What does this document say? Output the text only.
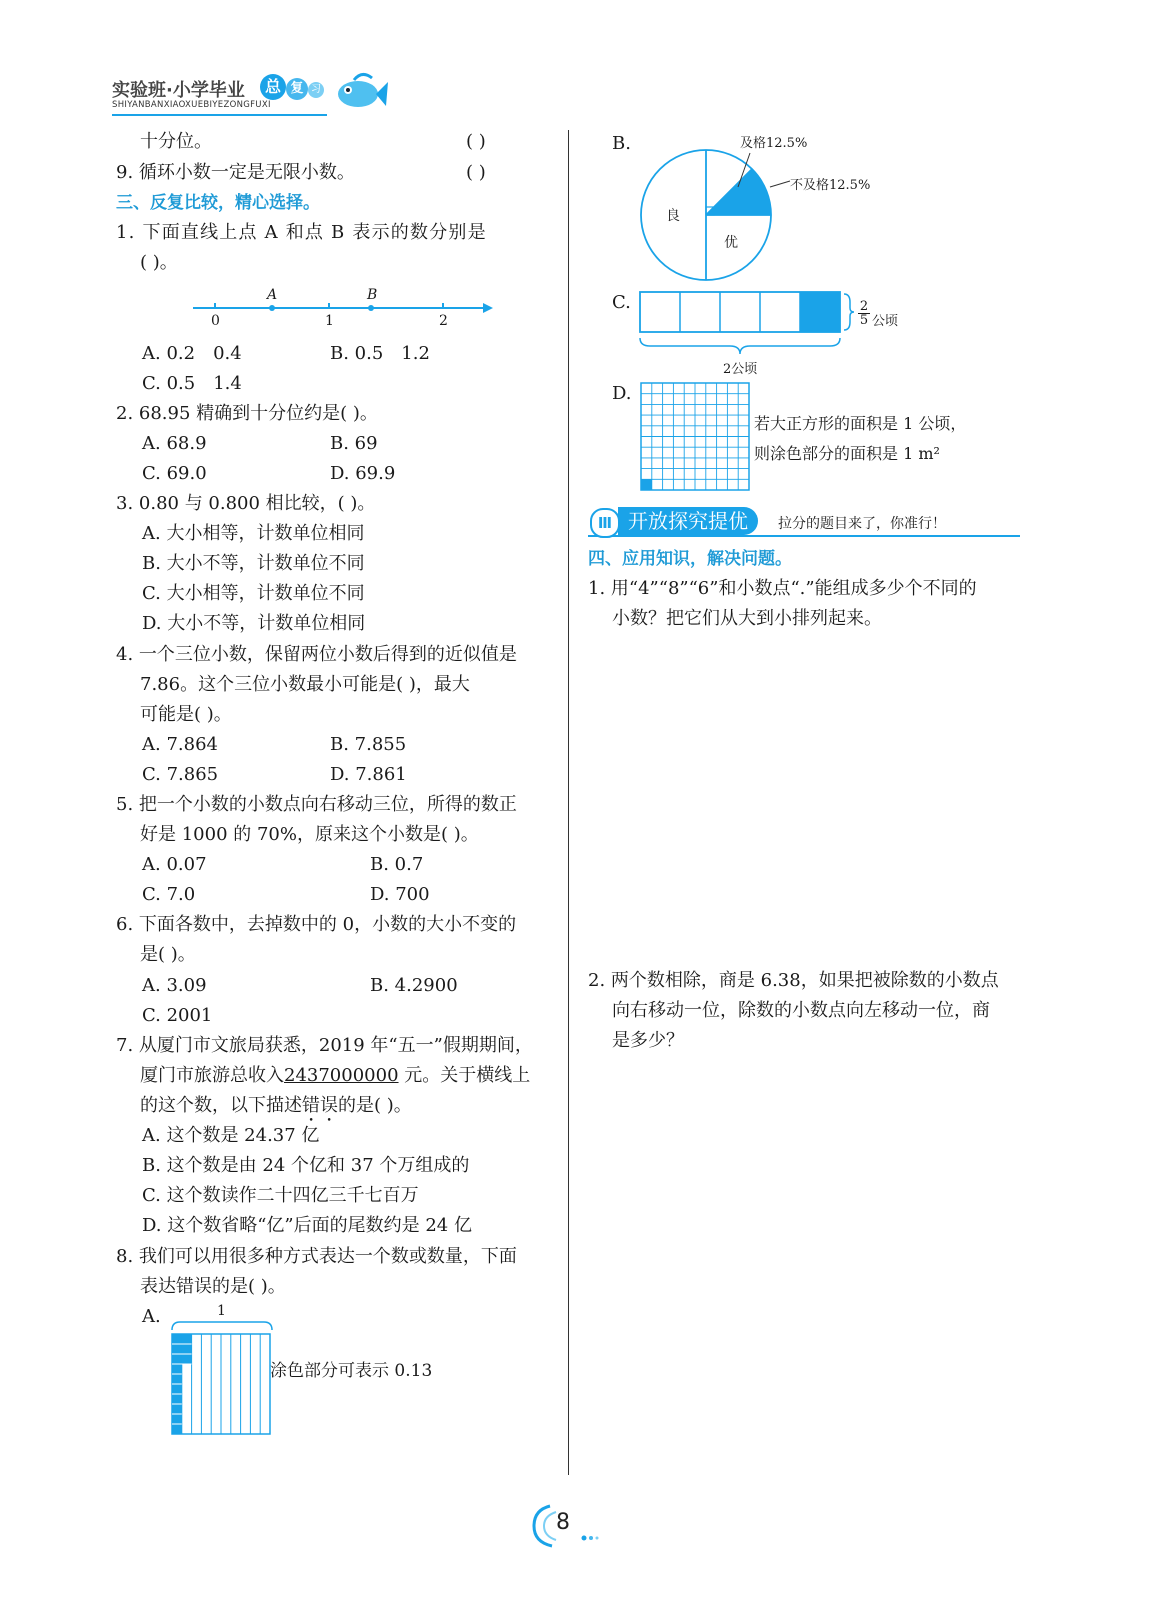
实验班·小学毕业	总 复 习
SHIYANBANXIAOXUEBIYEZONGFUXI
十分位。	( )
9. 循环小数一定是无限小数。	( )
三、反复比较，精心选择。
1. 下面直线上点 A 和点 B 表示的数分别是
( )。
A	B
0	1	2
A. 0.2　0.4	B. 0.5　1.2
C. 0.5　1.4
2. 68.95 精确到十分位约是( )。
A. 68.9	B. 69
C. 69.0	D. 69.9
3. 0.80 与 0.800 相比较，( )。
A. 大小相等，计数单位相同
B. 大小不等，计数单位不同
C. 大小相等，计数单位不同
D. 大小不等，计数单位相同
4. 一个三位小数，保留两位小数后得到的近似值是
7.86。这个三位小数最小可能是( )，最大
可能是( )。
A. 7.864	B. 7.855
C. 7.865	D. 7.861
5. 把一个小数的小数点向右移动三位，所得的数正
好是 1000 的 70%，原来这个小数是( )。
A. 0.07	B. 0.7
C. 7.0	D. 700
6. 下面各数中，去掉数中的 0，小数的大小不变的
是( )。
A. 3.09	B. 4.2900
C. 2001
7. 从厦门市文旅局获悉，2019 年“五一”假期期间，
厦门市旅游总收入2437000000 元。关于横线上
的这个数，以下描述错误的是( )。
A. 这个数是 24.37 亿
B. 这个数是由 24 个亿和 37 个万组成的
C. 这个数读作二十四亿三千七百万
D. 这个数省略“亿”后面的尾数约是 24 亿
8. 我们可以用很多种方式表达一个数或数量，下面
表达错误的是( )。
A.	1
涂色部分可表示 0.13
B.	及格12.5%
不及格12.5%
良
优
C.	2
5 公顷
2公顷
D.
若大正方形的面积是 1 公顷，
则涂色部分的面积是 1 m²
Ⅲ 开放探究提优	拉分的题目来了，你准行！
四、应用知识，解决问题。
1. 用“4”“8”“6”和小数点“.”能组成多少个不同的
小数？把它们从大到小排列起来。
2. 两个数相除，商是 6.38，如果把被除数的小数点
向右移动一位，除数的小数点向左移动一位，商
是多少？
8
